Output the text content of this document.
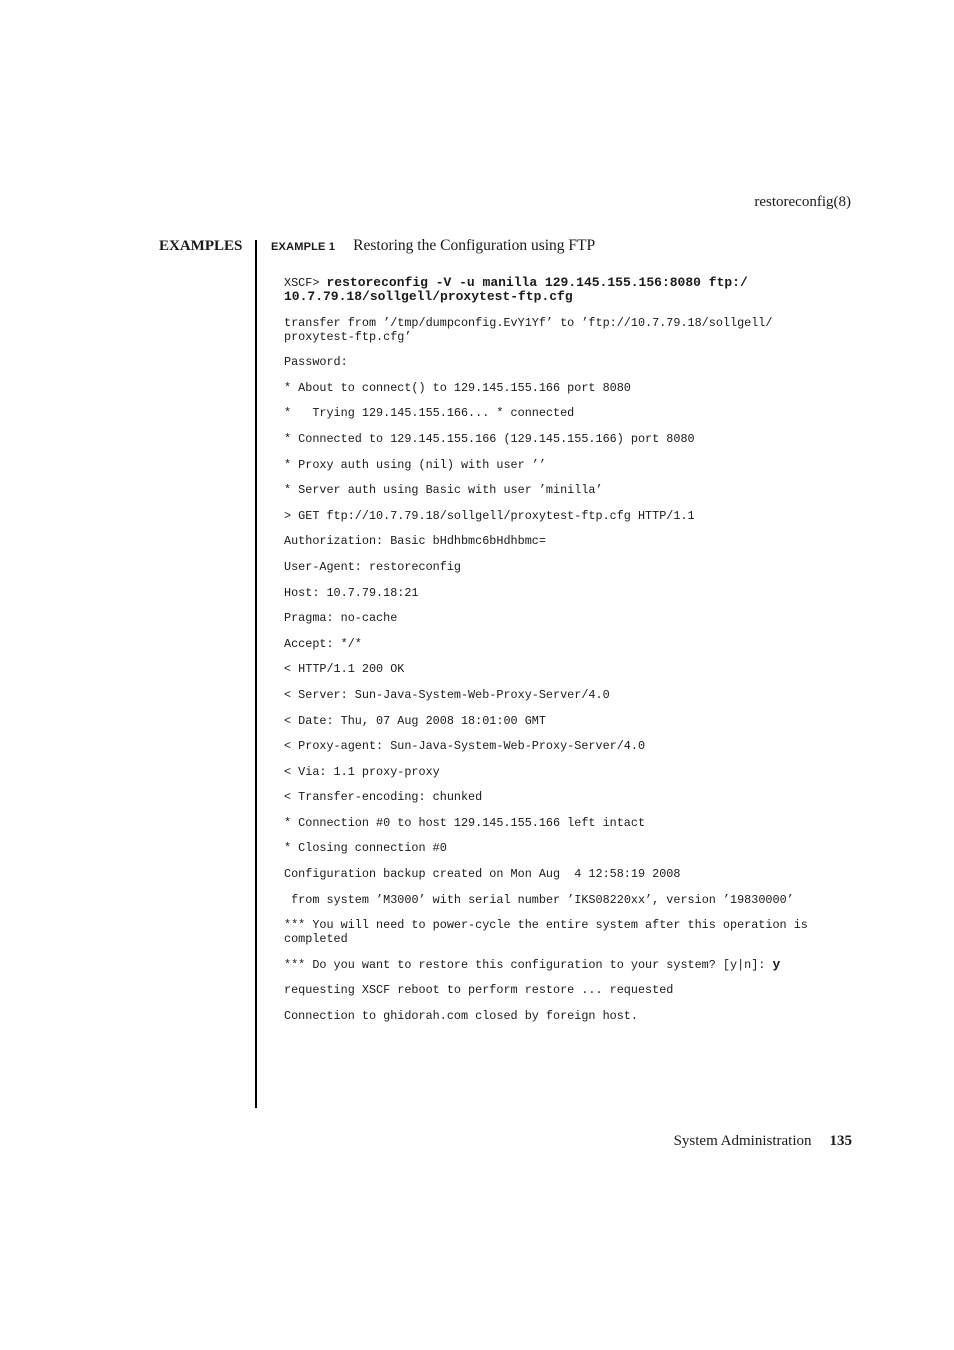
restoreconfig(8)
EXAMPLES	EXAMPLE 1 Restoring the Configuration using FTP
XSCF> restoreconfig -V -u manilla 129.145.155.156:8080 ftp:/
10.7.79.18/sollgell/proxytest-ftp.cfg
transfer from ’/tmp/dumpconfig.EvY1Yf’ to ’ftp://10.7.79.18/sollgell/
proxytest-ftp.cfg’
Password:
* About to connect() to 129.145.155.166 port 8080
*   Trying 129.145.155.166... * connected
* Connected to 129.145.155.166 (129.145.155.166) port 8080
* Proxy auth using (nil) with user ’’
* Server auth using Basic with user ’minilla’
> GET ftp://10.7.79.18/sollgell/proxytest-ftp.cfg HTTP/1.1
Authorization: Basic bHdhbmc6bHdhbmc=
User-Agent: restoreconfig
Host: 10.7.79.18:21
Pragma: no-cache
Accept: */*
< HTTP/1.1 200 OK
< Server: Sun-Java-System-Web-Proxy-Server/4.0
< Date: Thu, 07 Aug 2008 18:01:00 GMT
< Proxy-agent: Sun-Java-System-Web-Proxy-Server/4.0
< Via: 1.1 proxy-proxy
< Transfer-encoding: chunked
* Connection #0 to host 129.145.155.166 left intact
* Closing connection #0
Configuration backup created on Mon Aug  4 12:58:19 2008
from system ’M3000’ with serial number ’IKS08220xx’, version ’19830000’
*** You will need to power-cycle the entire system after this operation is
completed
*** Do you want to restore this configuration to your system? [y|n]: y
requesting XSCF reboot to perform restore ... requested
Connection to ghidorah.com closed by foreign host.
System Administration 135
